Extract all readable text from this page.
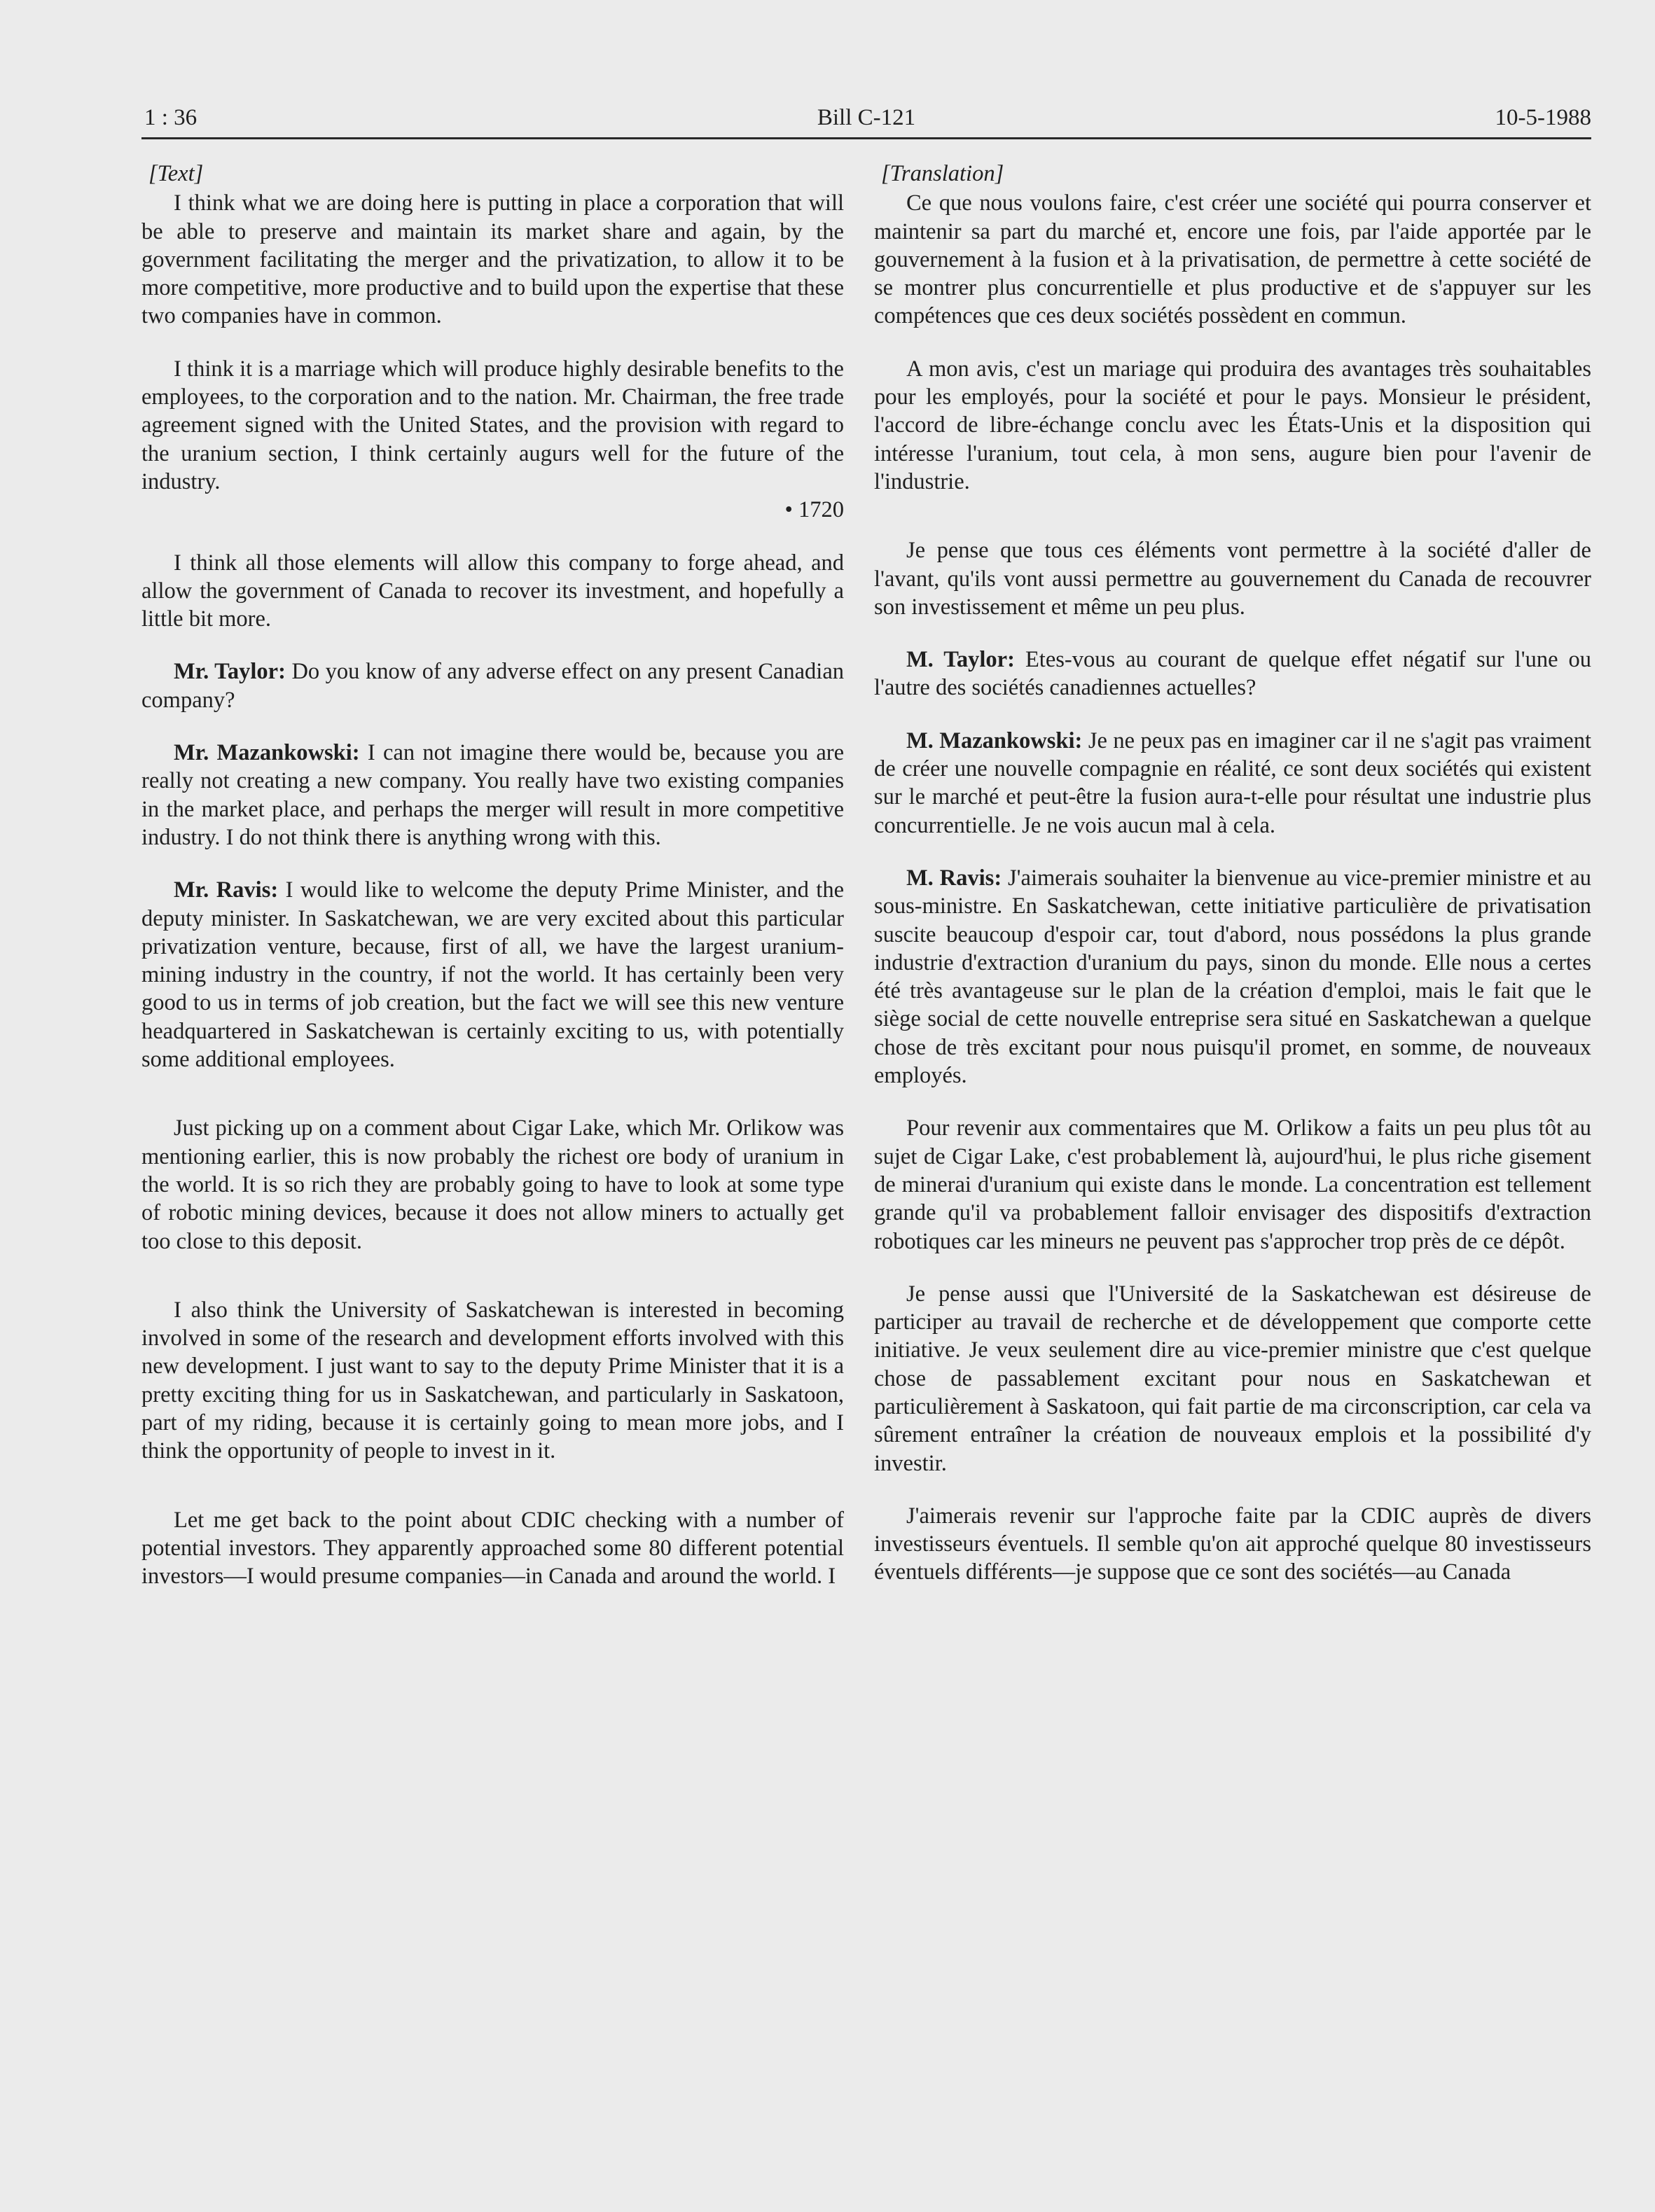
1 : 36	Bill C-121	10-5-1988

[Text]

I think what we are doing here is putting in place a corporation that will be able to preserve and maintain its market share and again, by the government facilitating the merger and the privatization, to allow it to be more competitive, more productive and to build upon the expertise that these two companies have in common.

I think it is a marriage which will produce highly desirable benefits to the employees, to the corporation and to the nation. Mr. Chairman, the free trade agreement signed with the United States, and the provision with regard to the uranium section, I think certainly augurs well for the future of the industry.

• 1720

I think all those elements will allow this company to forge ahead, and allow the government of Canada to recover its investment, and hopefully a little bit more.

Mr. Taylor: Do you know of any adverse effect on any present Canadian company?

Mr. Mazankowski: I can not imagine there would be, because you are really not creating a new company. You really have two existing companies in the market place, and perhaps the merger will result in more competitive industry. I do not think there is anything wrong with this.

Mr. Ravis: I would like to welcome the deputy Prime Minister, and the deputy minister. In Saskatchewan, we are very excited about this particular privatization venture, because, first of all, we have the largest uranium-mining industry in the country, if not the world. It has certainly been very good to us in terms of job creation, but the fact we will see this new venture headquartered in Saskatchewan is certainly exciting to us, with potentially some additional employees.

Just picking up on a comment about Cigar Lake, which Mr. Orlikow was mentioning earlier, this is now probably the richest ore body of uranium in the world. It is so rich they are probably going to have to look at some type of robotic mining devices, because it does not allow miners to actually get too close to this deposit.

I also think the University of Saskatchewan is interested in becoming involved in some of the research and development efforts involved with this new development. I just want to say to the deputy Prime Minister that it is a pretty exciting thing for us in Saskatchewan, and particularly in Saskatoon, part of my riding, because it is certainly going to mean more jobs, and I think the opportunity of people to invest in it.

Let me get back to the point about CDIC checking with a number of potential investors. They apparently approached some 80 different potential investors—I would presume companies—in Canada and around the world. I

[Translation]

Ce que nous voulons faire, c'est créer une société qui pourra conserver et maintenir sa part du marché et, encore une fois, par l'aide apportée par le gouvernement à la fusion et à la privatisation, de permettre à cette société de se montrer plus concurrentielle et plus productive et de s'appuyer sur les compétences que ces deux sociétés possèdent en commun.

A mon avis, c'est un mariage qui produira des avantages très souhaitables pour les employés, pour la société et pour le pays. Monsieur le président, l'accord de libre-échange conclu avec les États-Unis et la disposition qui intéresse l'uranium, tout cela, à mon sens, augure bien pour l'avenir de l'industrie.

Je pense que tous ces éléments vont permettre à la société d'aller de l'avant, qu'ils vont aussi permettre au gouvernement du Canada de recouvrer son investissement et même un peu plus.

M. Taylor: Etes-vous au courant de quelque effet négatif sur l'une ou l'autre des sociétés canadiennes actuelles?

M. Mazankowski: Je ne peux pas en imaginer car il ne s'agit pas vraiment de créer une nouvelle compagnie en réalité, ce sont deux sociétés qui existent sur le marché et peut-être la fusion aura-t-elle pour résultat une industrie plus concurrentielle. Je ne vois aucun mal à cela.

M. Ravis: J'aimerais souhaiter la bienvenue au vice-premier ministre et au sous-ministre. En Saskatchewan, cette initiative particulière de privatisation suscite beaucoup d'espoir car, tout d'abord, nous possédons la plus grande industrie d'extraction d'uranium du pays, sinon du monde. Elle nous a certes été très avantageuse sur le plan de la création d'emploi, mais le fait que le siège social de cette nouvelle entreprise sera situé en Saskatchewan a quelque chose de très excitant pour nous puisqu'il promet, en somme, de nouveaux employés.

Pour revenir aux commentaires que M. Orlikow a faits un peu plus tôt au sujet de Cigar Lake, c'est probablement là, aujourd'hui, le plus riche gisement de minerai d'uranium qui existe dans le monde. La concentration est tellement grande qu'il va probablement falloir envisager des dispositifs d'extraction robotiques car les mineurs ne peuvent pas s'approcher trop près de ce dépôt.

Je pense aussi que l'Université de la Saskatchewan est désireuse de participer au travail de recherche et de développement que comporte cette initiative. Je veux seulement dire au vice-premier ministre que c'est quelque chose de passablement excitant pour nous en Saskatchewan et particulièrement à Saskatoon, qui fait partie de ma circonscription, car cela va sûrement entraîner la création de nouveaux emplois et la possibilité d'y investir.

J'aimerais revenir sur l'approche faite par la CDIC auprès de divers investisseurs éventuels. Il semble qu'on ait approché quelque 80 investisseurs éventuels différents—je suppose que ce sont des sociétés—au Canada
